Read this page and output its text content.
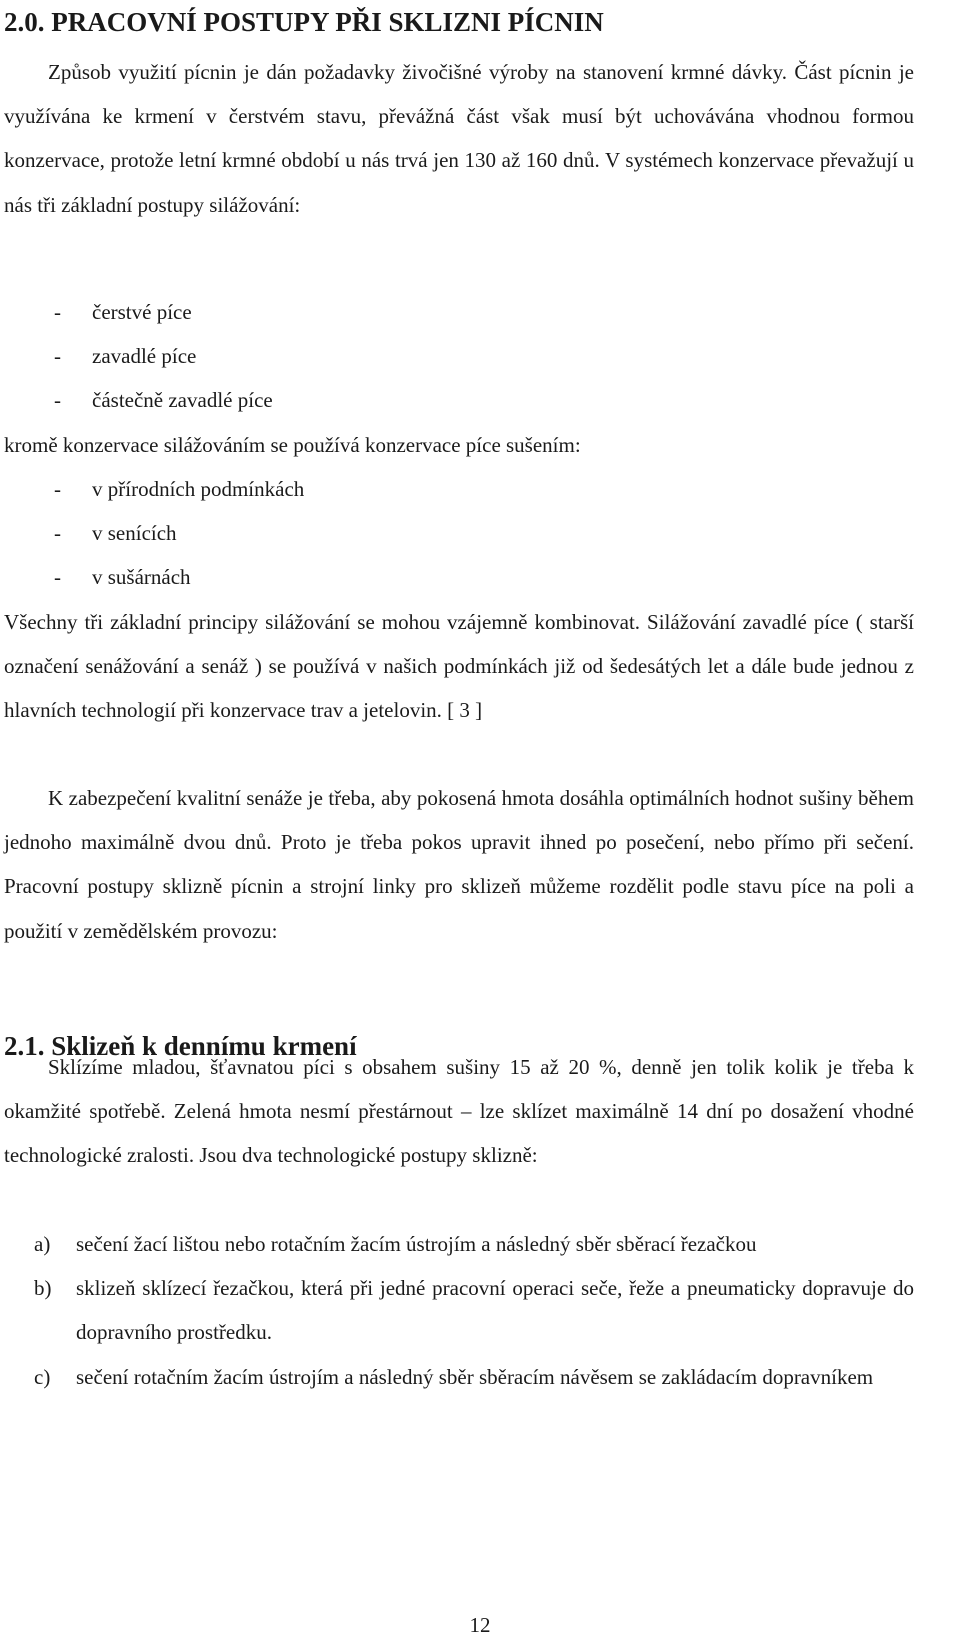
2.0. PRACOVNÍ POSTUPY PŘI SKLIZNI PÍCNIN

Způsob využití pícnin je dán požadavky živočišné výroby na stanovení krmné dávky. Část pícnin je využívána ke krmení v čerstvém stavu, převážná část však musí být uchovávána vhodnou formou konzervace, protože letní krmné období u nás trvá jen 130 až 160 dnů. V systémech konzervace převažují u nás tři základní postupy silážování:

- čerstvé píce
- zavadlé píce
- částečně zavadlé píce

kromě konzervace silážováním se používá konzervace píce sušením:

- v přírodních podmínkách
- v senících
- v sušárnách

Všechny tři základní principy silážování se mohou vzájemně kombinovat. Silážování zavadlé píce ( starší označení senážování a senáž ) se používá v našich podmínkách již od šedesátých let a dále bude jednou z hlavních technologií při konzervace trav a jetelovin. [ 3 ]

K zabezpečení kvalitní senáže je třeba, aby pokosená hmota dosáhla optimálních hodnot sušiny během jednoho maximálně dvou dnů. Proto je třeba pokos upravit ihned po posečení, nebo přímo při sečení. Pracovní postupy sklizně pícnin a strojní linky pro sklizeň můžeme rozdělit podle stavu píce na poli a použití v zemědělském provozu:

2.1. Sklizeň k dennímu krmení

Sklízíme mladou, šťavnatou píci s obsahem sušiny 15 až 20 %, denně jen tolik kolik je třeba k okamžité spotřebě. Zelená hmota nesmí přestárnout – lze sklízet maximálně 14 dní po dosažení vhodné technologické zralosti. Jsou dva technologické postupy sklizně:

a) sečení žací lištou nebo rotačním žacím ústrojím a následný sběr sběrací řezačkou
b) sklizeň sklízecí řezačkou, která při jedné pracovní operaci seče, řeže a pneumaticky dopravuje do dopravního prostředku.
c) sečení rotačním žacím ústrojím a následný sběr sběracím návěsem se zakládacím dopravníkem
12
